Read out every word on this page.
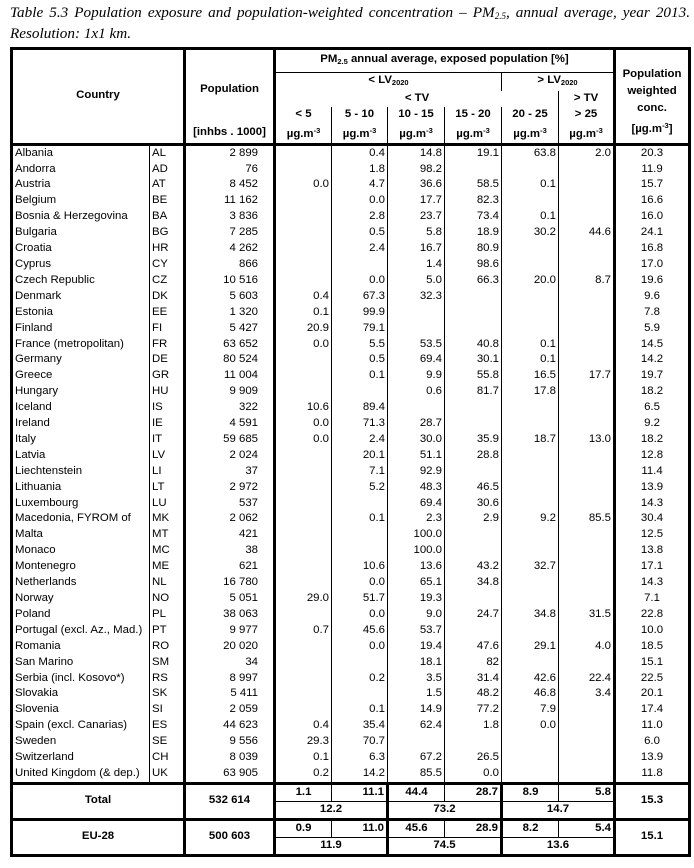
Table 5.3 Population exposure and population-weighted concentration – $PM_{2.5}$, annual average, year 2013.
Resolution: 1x1 km.
Country		Population	$PM_{2.5}$ annual average, exposed population [%]						Population
weighted
conc.
$[\mu g.m^{-3}]$
			< $LV_{2020}$				> $LV_{2020}$
			< TV					> TV	
			< 5	5 - 10	10 - 15	15 - 20	20 - 25	> 25	
		[inhbs . 1000]	$\mu g.m^{-3}$	$\mu g.m^{-3}$	$\mu g.m^{-3}$	$\mu g.m^{-3}$	$\mu g.m^{-3}$	$\mu g.m^{-3}$
Albania	AL	2 899		0.4	14.8	19.1	63.8	2.0	20.3
Andorra	AD	76		1.8	98.2				11.9
Austria	AT	8 452	0.0	4.7	36.6	58.5	0.1		15.7
Belgium	BE	11 162		0.0	17.7	82.3			16.6
Bosnia & Herzegovina	BA	3 836		2.8	23.7	73.4	0.1		16.0
Bulgaria	BG	7 285		0.5	5.8	18.9	30.2	44.6	24.1
Croatia	HR	4 262		2.4	16.7	80.9			16.8
Cyprus	CY	866			1.4	98.6			17.0
Czech Republic	CZ	10 516		0.0	5.0	66.3	20.0	8.7	19.6
Denmark	DK	5 603	0.4	67.3	32.3				9.6
Estonia	EE	1 320	0.1	99.9					7.8
Finland	FI	5 427	20.9	79.1					5.9
France (metropolitan)	FR	63 652	0.0	5.5	53.5	40.8	0.1		14.5
Germany	DE	80 524		0.5	69.4	30.1	0.1		14.2
Greece	GR	11 004		0.1	9.9	55.8	16.5	17.7	19.7
Hungary	HU	9 909			0.6	81.7	17.8		18.2
Iceland	IS	322	10.6	89.4					6.5
Ireland	IE	4 591	0.0	71.3	28.7				9.2
Italy	IT	59 685	0.0	2.4	30.0	35.9	18.7	13.0	18.2
Latvia	LV	2 024		20.1	51.1	28.8			12.8
Liechtenstein	LI	37		7.1	92.9				11.4
Lithuania	LT	2 972		5.2	48.3	46.5			13.9
Luxembourg	LU	537			69.4	30.6			14.3
Macedonia, FYROM of	MK	2 062		0.1	2.3	2.9	9.2	85.5	30.4
Malta	MT	421			100.0				12.5
Monaco	MC	38			100.0				13.8
Montenegro	ME	621		10.6	13.6	43.2	32.7		17.1
Netherlands	NL	16 780		0.0	65.1	34.8			14.3
Norway	NO	5 051	29.0	51.7	19.3				7.1
Poland	PL	38 063		0.0	9.0	24.7	34.8	31.5	22.8
Portugal (excl. Az., Mad.)	PT	9 977	0.7	45.6	53.7				10.0
Romania	RO	20 020		0.0	19.4	47.6	29.1	4.0	18.5
San Marino	SM	34			18.1	82			15.1
Serbia (incl. Kosovo*)	RS	8 997		0.2	3.5	31.4	42.6	22.4	22.5
Slovakia	SK	5 411			1.5	48.2	46.8	3.4	20.1
Slovenia	SI	2 059		0.1	14.9	77.2	7.9		17.4
Spain (excl. Canarias)	ES	44 623	0.4	35.4	62.4	1.8	0.0		11.0
Sweden	SE	9 556	29.3	70.7					6.0
Switzerland	CH	8 039	0.1	6.3	67.2	26.5			13.9
United Kingdom (& dep.)	UK	63 905	0.2	14.2	85.5	0.0			11.8
Total		532 614	1.1	11.1	44.4	28.7	8.9	5.8	15.3
			12.2		73.2		14.7		
EU-28		500 603	0.9	11.0	45.6	28.9	8.2	5.4	15.1
			11.9		74.5		13.6		
